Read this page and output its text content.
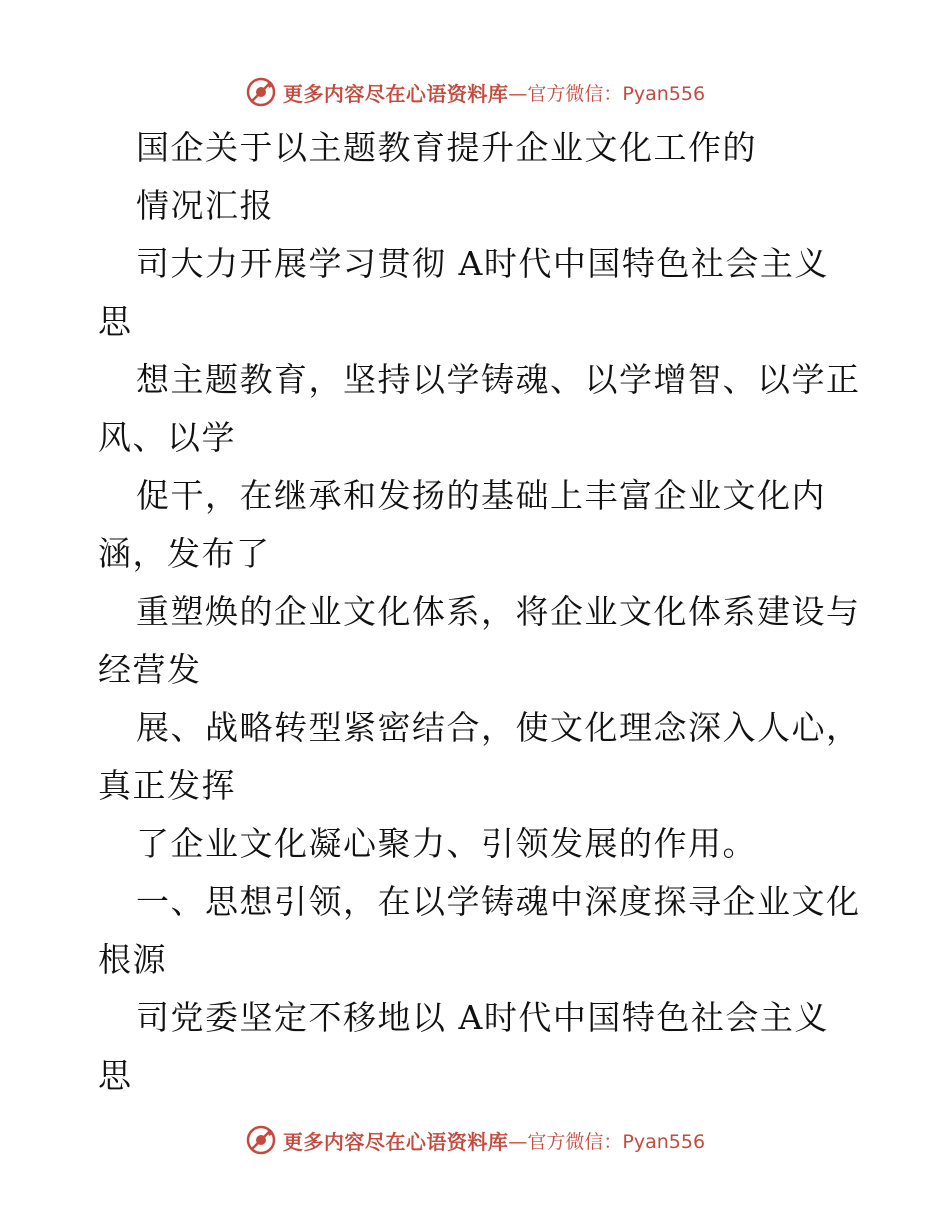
更多内容尽在心语资料库 —官方微信：Pyan556
国企关于以主题教育提升企业文化工作的
情况汇报
司大力开展学习贯彻 A时代中国特色社会主义
思
想主题教育，坚持以学铸魂、以学增智、以学正
风、以学
促干，在继承和发扬的基础上丰富企业文化内
涵，发布了
重塑焕的企业文化体系，将企业文化体系建设与
经营发
展、战略转型紧密结合，使文化理念深入人心，
真正发挥
了企业文化凝心聚力、引领发展的作用。
一、思想引领，在以学铸魂中深度探寻企业文化
根源
司党委坚定不移地以 A时代中国特色社会主义
思
更多内容尽在心语资料库 —官方微信：Pyan556
